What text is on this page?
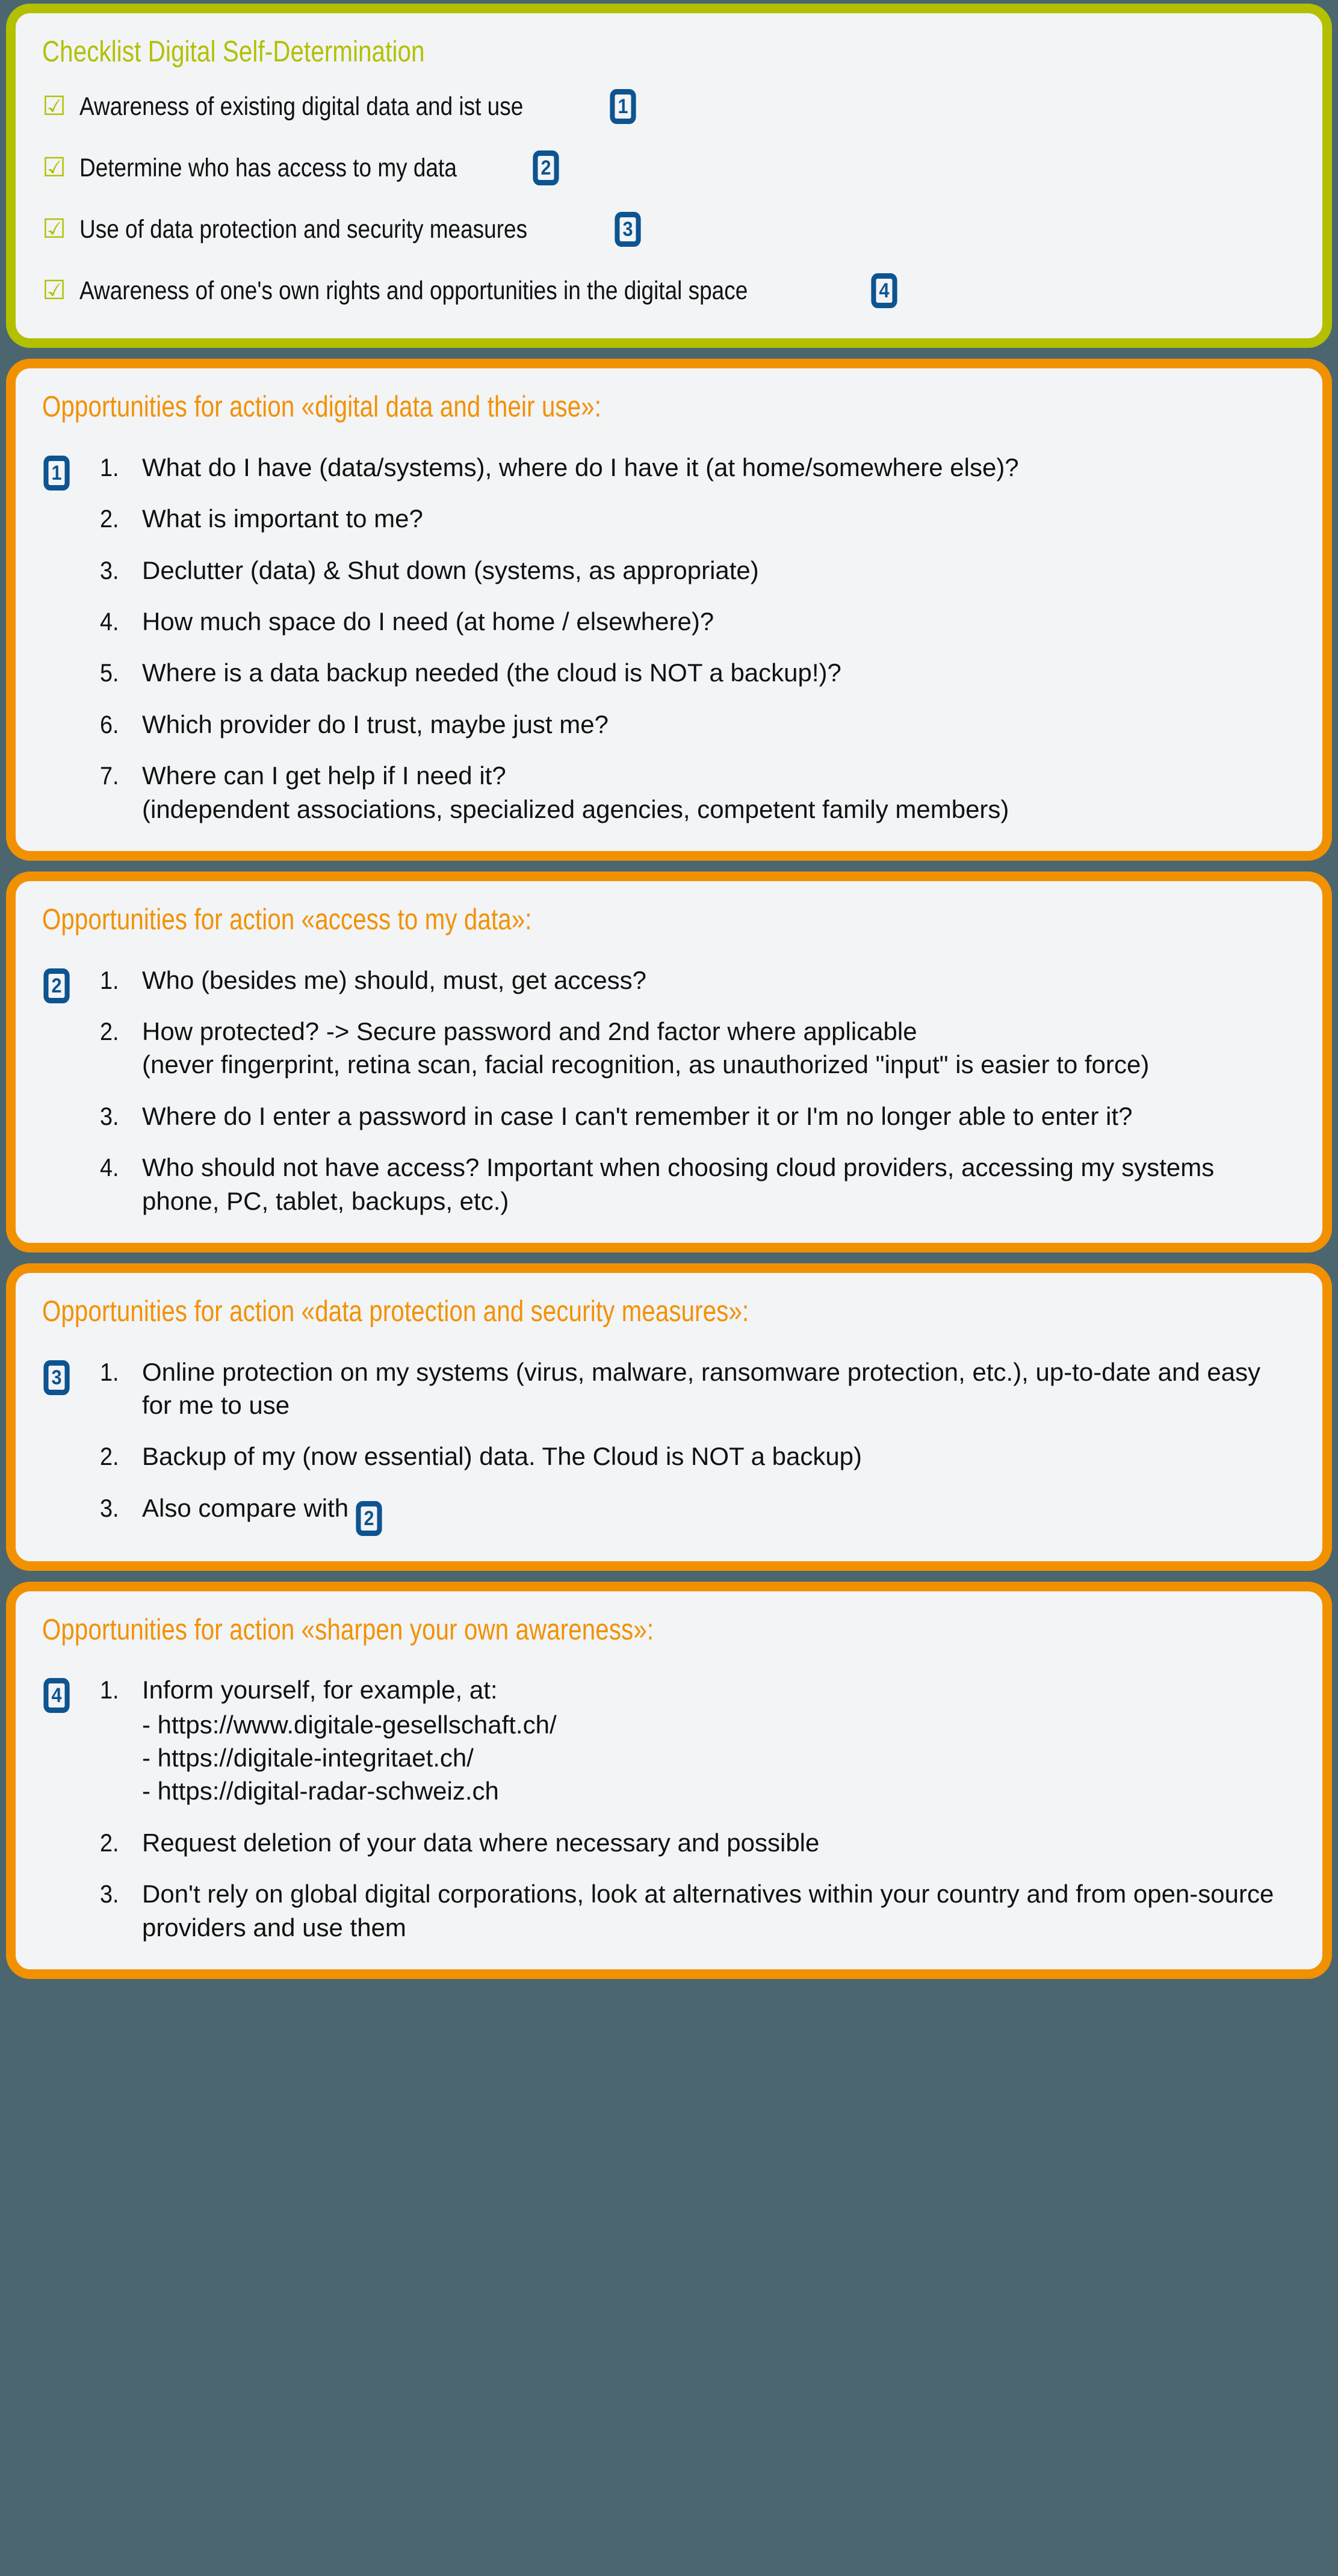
Checklist Digital Self-Determination
☑ Awareness of existing digital data and ist use	1
☑ Determine who has access to my data	2
☑ Use of data protection and security measures	3
☑ Awareness of one's own rights and opportunities in the digital space	4
Opportunities for action «digital data and their use»:
1	1. What do I have (data/systems), where do I have it (at home/somewhere else)?
2. What is important to me?
3. Declutter (data) & Shut down (systems, as appropriate)
4. How much space do I need (at home / elsewhere)?
5. Where is a data backup needed (the cloud is NOT a backup!)?
6. Which provider do I trust, maybe just me?
7. Where can I get help if I need it?
(independent associations, specialized agencies, competent family members)
Opportunities for action «access to my data»:
2	1. Who (besides me) should, must, get access?
2. How protected? -> Secure password and 2nd factor where applicable
(never fingerprint, retina scan, facial recognition, as unauthorized "input" is easier to force)
3. Where do I enter a password in case I can't remember it or I'm no longer able to enter it?
4. Who should not have access? Important when choosing cloud providers, accessing my systems phone, PC, tablet, backups, etc.)
Opportunities for action «data protection and security measures»:
3	1. Online protection on my systems (virus, malware, ransomware protection, etc.), up-to-date and easy for me to use
2. Backup of my (now essential) data. The Cloud is NOT a backup)
3. Also compare with 2
Opportunities for action «sharpen your own awareness»:
4	1. Inform yourself, for example, at:
- https://www.digitale-gesellschaft.ch/
- https://digitale-integritaet.ch/
- https://digital-radar-schweiz.ch
2. Request deletion of your data where necessary and possible
3. Don't rely on global digital corporations, look at alternatives within your country and from open-source providers and use them
